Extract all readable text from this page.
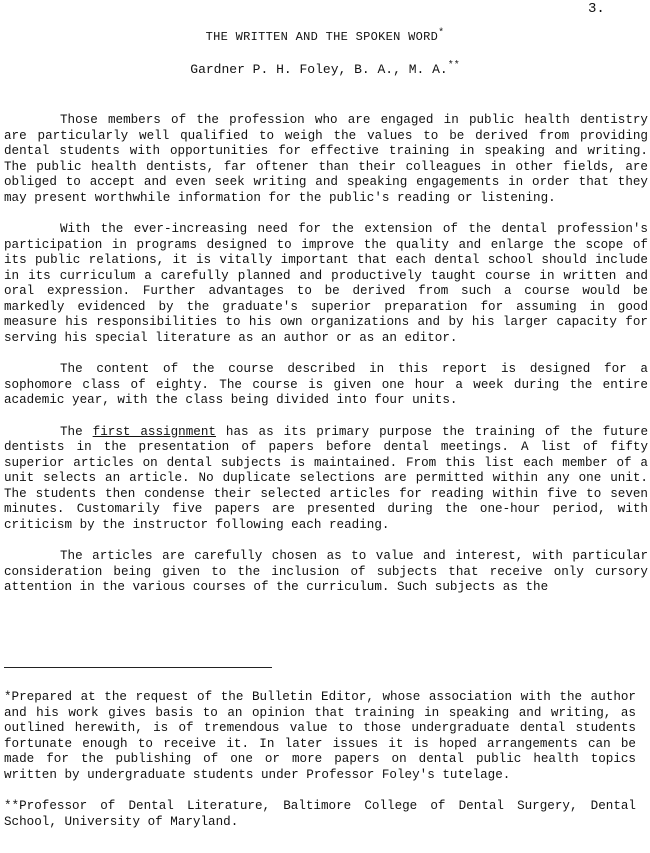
3.
THE WRITTEN AND THE SPOKEN WORD*
Gardner P. H. Foley, B. A., M. A.**

Those members of the profession who are engaged in public health dentistry are particularly well qualified to weigh the values to be derived from providing dental students with opportunities for effective training in speaking and writing. The public health dentists, far oftener than their colleagues in other fields, are obliged to accept and even seek writing and speaking engagements in order that they may present worthwhile information for the public's reading or listening.

With the ever-increasing need for the extension of the dental profession's participation in programs designed to improve the quality and enlarge the scope of its public relations, it is vitally important that each dental school should include in its curriculum a carefully planned and productively taught course in written and oral expression. Further advantages to be derived from such a course would be markedly evidenced by the graduate's superior preparation for assuming in good measure his responsibilities to his own organizations and by his larger capacity for serving his special literature as an author or as an editor.

The content of the course described in this report is designed for a sophomore class of eighty. The course is given one hour a week during the entire academic year, with the class being divided into four units.

The first assignment has as its primary purpose the training of the future dentists in the presentation of papers before dental meetings. A list of fifty superior articles on dental subjects is maintained. From this list each member of a unit selects an article. No duplicate selections are permitted within any one unit. The students then condense their selected articles for reading within five to seven minutes. Customarily five papers are presented during the one-hour period, with criticism by the instructor following each reading.

The articles are carefully chosen as to value and interest, with particular consideration being given to the inclusion of subjects that receive only cursory attention in the various courses of the curriculum. Such subjects as the

*Prepared at the request of the Bulletin Editor, whose association with the author and his work gives basis to an opinion that training in speaking and writing, as outlined herewith, is of tremendous value to those undergraduate dental students fortunate enough to receive it. In later issues it is hoped arrangements can be made for the publishing of one or more papers on dental public health topics written by undergraduate students under Professor Foley's tutelage.

**Professor of Dental Literature, Baltimore College of Dental Surgery, Dental School, University of Maryland.
